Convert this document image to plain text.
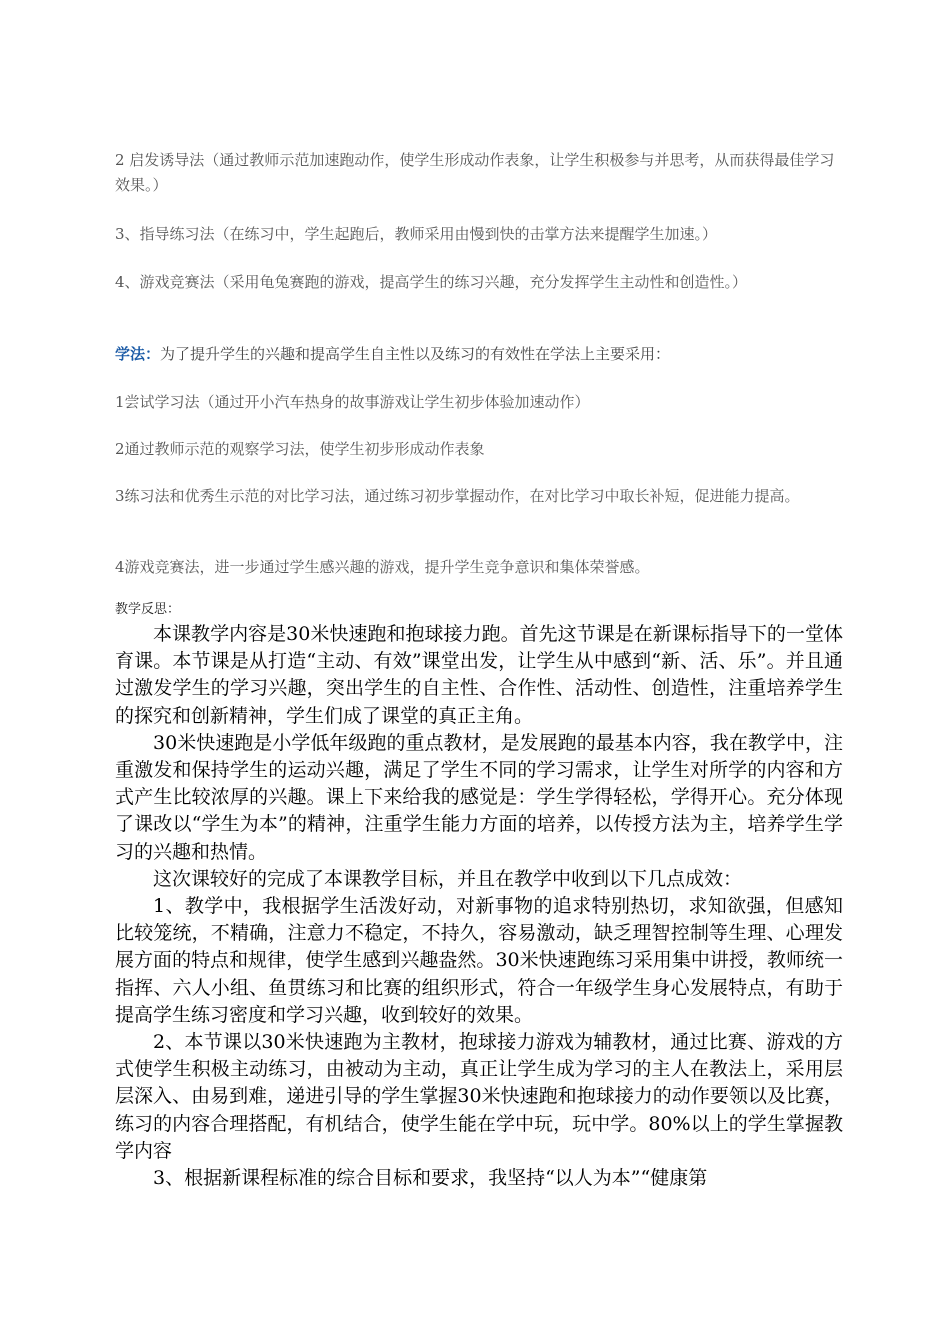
2 启发诱导法（通过教师示范加速跑动作，使学生形成动作表象，让学生积极参与并思考，从而获得最佳学习效果。）

3、指导练习法（在练习中，学生起跑后，教师采用由慢到快的击掌方法来提醒学生加速。）

4、游戏竞赛法（采用龟兔赛跑的游戏，提高学生的练习兴趣，充分发挥学生主动性和创造性。）

学法：为了提升学生的兴趣和提高学生自主性以及练习的有效性在学法上主要采用：

1尝试学习法（通过开小汽车热身的故事游戏让学生初步体验加速动作）

2通过教师示范的观察学习法，使学生初步形成动作表象

3练习法和优秀生示范的对比学习法，通过练习初步掌握动作，在对比学习中取长补短，促进能力提高。

4游戏竞赛法，进一步通过学生感兴趣的游戏，提升学生竞争意识和集体荣誉感。

教学反思：

本课教学内容是30米快速跑和抱球接力跑。首先这节课是在新课标指导下的一堂体育课。本节课是从打造“主动、有效”课堂出发，让学生从中感到“新、活、乐”。并且通过激发学生的学习兴趣，突出学生的自主性、合作性、活动性、创造性，注重培养学生的探究和创新精神，学生们成了课堂的真正主角。

30米快速跑是小学低年级跑的重点教材，是发展跑的最基本内容，我在教学中，注重激发和保持学生的运动兴趣，满足了学生不同的学习需求，让学生对所学的内容和方式产生比较浓厚的兴趣。课上下来给我的感觉是：学生学得轻松，学得开心。充分体现了课改以“学生为本”的精神，注重学生能力方面的培养，以传授方法为主，培养学生学习的兴趣和热情。

这次课较好的完成了本课教学目标，并且在教学中收到以下几点成效：

1、教学中，我根据学生活泼好动，对新事物的追求特别热切，求知欲强，但感知比较笼统，不精确，注意力不稳定，不持久，容易激动，缺乏理智控制等生理、心理发展方面的特点和规律，使学生感到兴趣盎然。30米快速跑练习采用集中讲授，教师统一指挥、六人小组、鱼贯练习和比赛的组织形式，符合一年级学生身心发展特点，有助于提高学生练习密度和学习兴趣，收到较好的效果。

2、本节课以30米快速跑为主教材，抱球接力游戏为辅教材，通过比赛、游戏的方式使学生积极主动练习，由被动为主动，真正让学生成为学习的主人在教法上，采用层层深入、由易到难，递进引导的学生掌握30米快速跑和抱球接力的动作要领以及比赛，练习的内容合理搭配，有机结合，使学生能在学中玩，玩中学。80%以上的学生掌握教学内容

3、根据新课程标准的综合目标和要求，我坚持“以人为本”“健康第
